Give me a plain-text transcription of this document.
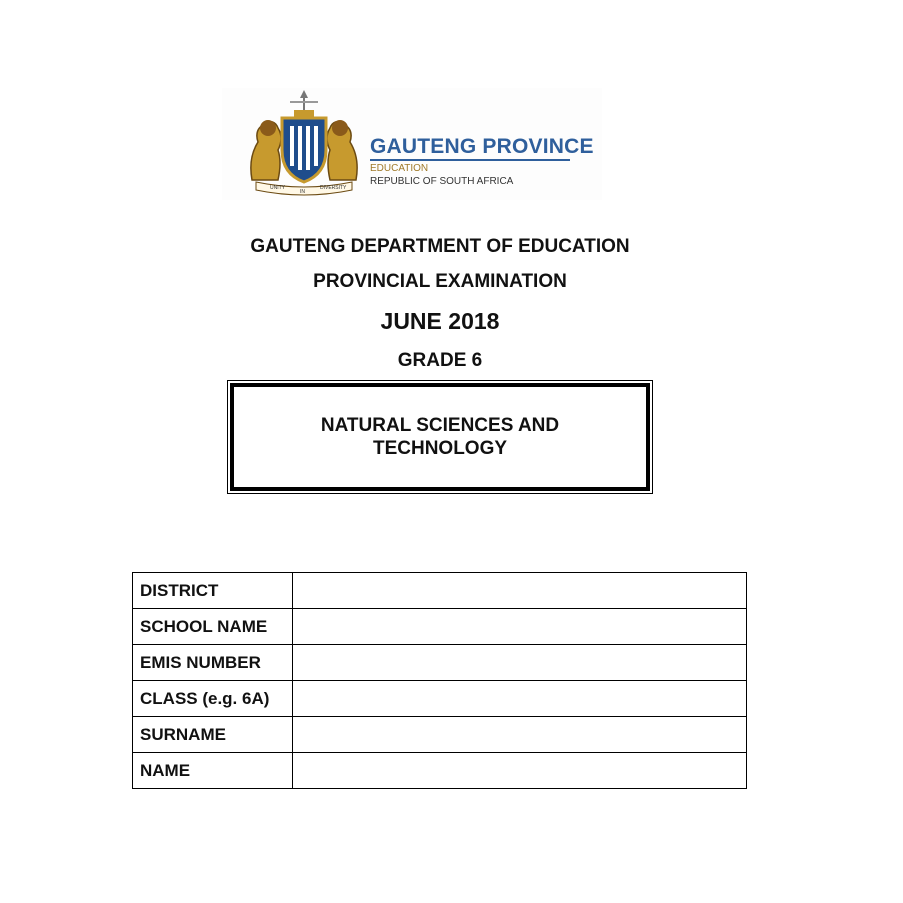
UNITY
IN
DIVERSITY
GAUTENG PROVINCE
EDUCATION
REPUBLIC OF SOUTH AFRICA
GAUTENG DEPARTMENT OF EDUCATION
PROVINCIAL EXAMINATION
JUNE 2018
GRADE 6
NATURAL SCIENCES AND
TECHNOLOGY
DISTRICT	
SCHOOL NAME	
EMIS NUMBER	
CLASS (e.g. 6A)	
SURNAME	
NAME	
